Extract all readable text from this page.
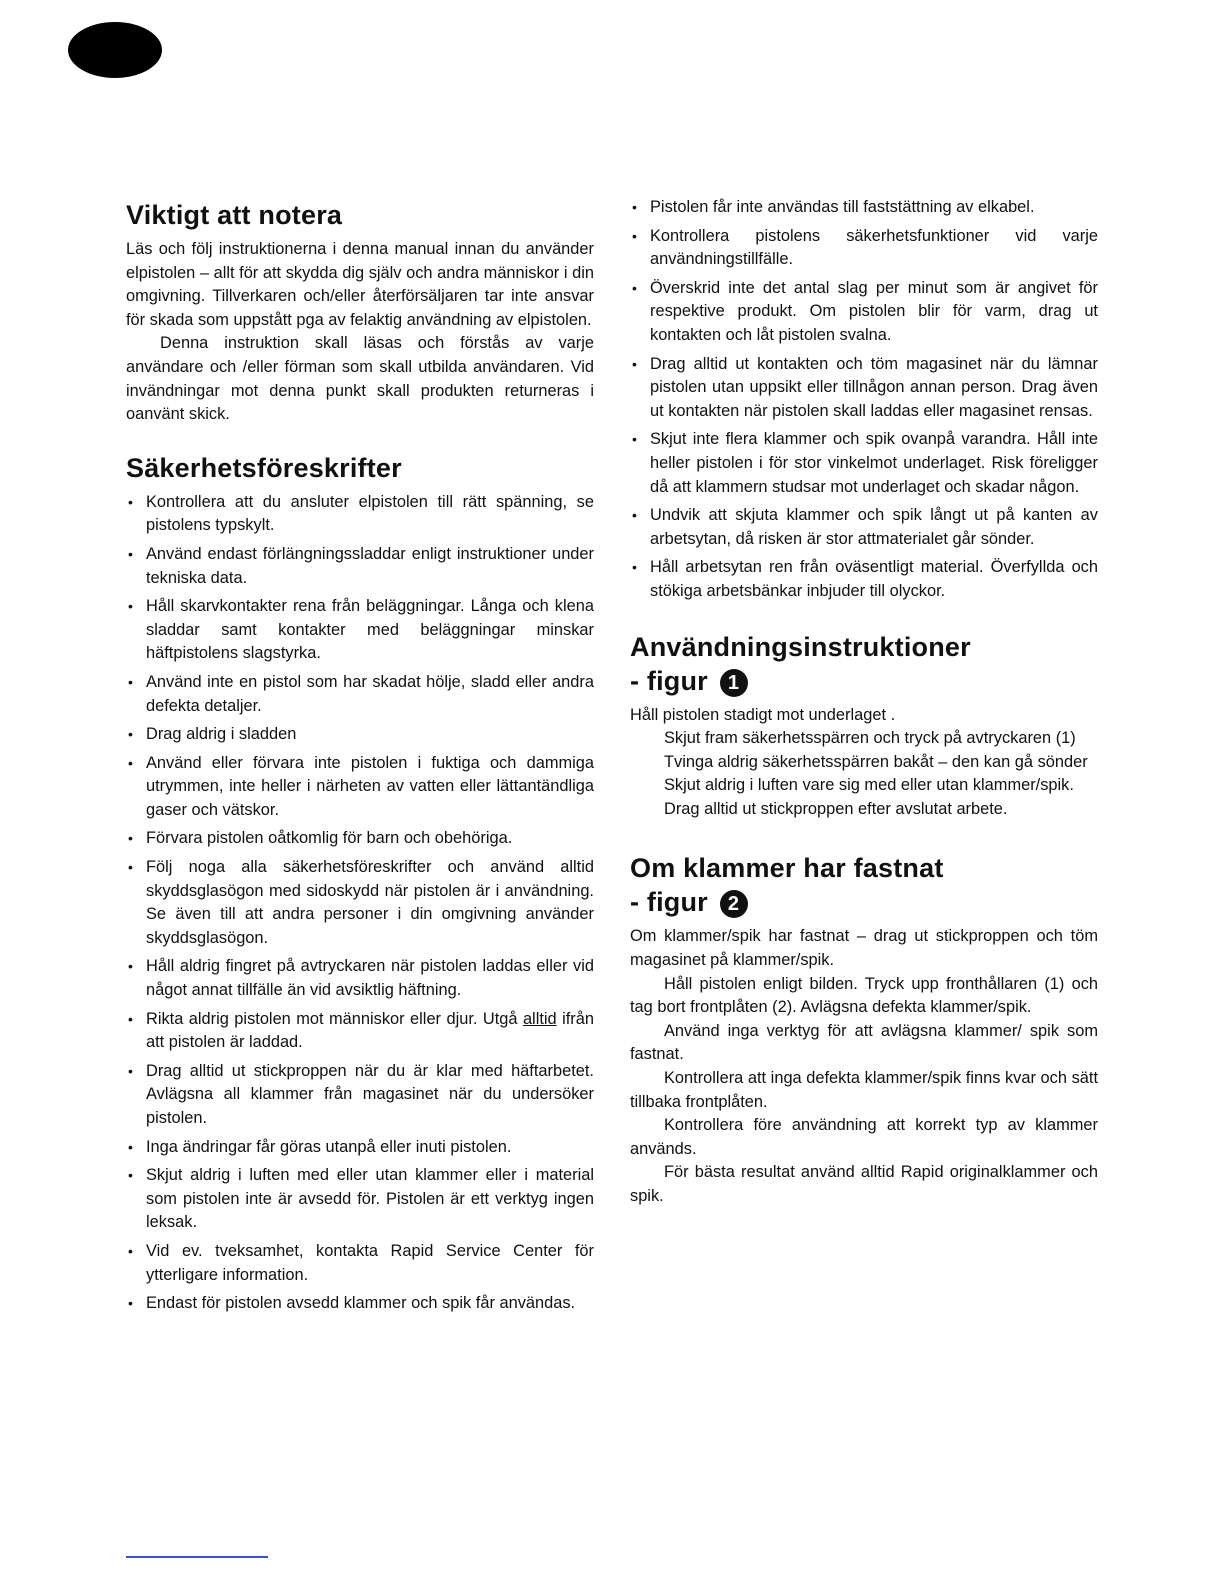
Viktigt att notera

Läs och följ instruktionerna i denna manual innan du använder elpistolen – allt för att skydda dig själv och andra människor i din omgivning. Tillverkaren och/eller återförsäljaren tar inte ansvar för skada som uppstått pga av felaktig användning av elpistolen.

Denna instruktion skall läsas och förstås av varje användare och /eller förman som skall utbilda användaren. Vid invändningar mot denna punkt skall produkten returneras i oanvänt skick.

Säkerhetsföreskrifter
• Kontrollera att du ansluter elpistolen till rätt spänning, se pistolens typskylt.
• Använd endast förlängningssladdar enligt instruktioner under tekniska data.
• Håll skarvkontakter rena från beläggningar. Långa och klena sladdar samt kontakter med beläggningar minskar häftpistolens slagstyrka.
• Använd inte en pistol som har skadat hölje, sladd eller andra defekta detaljer.
• Drag aldrig i sladden
• Använd eller förvara inte pistolen i fuktiga och dammiga utrymmen, inte heller i närheten av vatten eller lättantändliga gaser och vätskor.
• Förvara pistolen oåtkomlig för barn och obehöriga.
• Följ noga alla säkerhetsföreskrifter och använd alltid skyddsglasögon med sidoskydd när pistolen är i användning. Se även till att andra personer i din omgivning använder skyddsglasögon.
• Håll aldrig fingret på avtryckaren när pistolen laddas eller vid något annat tillfälle än vid avsiktlig häftning.
• Rikta aldrig pistolen mot människor eller djur. Utgå alltid ifrån att pistolen är laddad.
• Drag alltid ut stickproppen när du är klar med häftarbetet. Avlägsna all klammer från magasinet när du undersöker pistolen.
• Inga ändringar får göras utanpå eller inuti pistolen.
• Skjut aldrig i luften med eller utan klammer eller i material som pistolen inte är avsedd för. Pistolen är ett verktyg ingen leksak.
• Vid ev. tveksamhet, kontakta Rapid Service Center för ytterligare information.
• Endast för pistolen avsedd klammer och spik får användas.
• Pistolen får inte användas till faststättning av elkabel.
• Kontrollera pistolens säkerhetsfunktioner vid varje användningstillfälle.
• Överskrid inte det antal slag per minut som är angivet för respektive produkt. Om pistolen blir för varm, drag ut kontakten och låt pistolen svalna.
• Drag alltid ut kontakten och töm magasinet när du lämnar pistolen utan uppsikt eller tillnågon annan person. Drag även ut kontakten när pistolen skall laddas eller magasinet rensas.
• Skjut inte flera klammer och spik ovanpå varandra. Håll inte heller pistolen i för stor vinkelmot underlaget. Risk föreligger då att klammern studsar mot underlaget och skadar någon.
• Undvik att skjuta klammer och spik långt ut på kanten av arbetsytan, då risken är stor attmaterialet går sönder.
• Håll arbetsytan ren från oväsentligt material. Överfyllda och stökiga arbetsbänkar inbjuder till olyckor.
Användningsinstruktioner
- figur 1

Håll pistolen stadigt mot underlaget .

Skjut fram säkerhetsspärren och tryck på avtryckaren (1)

Tvinga aldrig säkerhetsspärren bakåt – den kan gå sönder

Skjut aldrig i luften vare sig med eller utan klammer/spik.

Drag alltid ut stickproppen efter avslutat arbete.

Om klammer har fastnat
- figur 2

Om klammer/spik har fastnat – drag ut stickproppen och töm magasinet på klammer/spik.

Håll pistolen enligt bilden. Tryck upp fronthållaren (1) och tag bort frontplåten (2). Avlägsna defekta klammer/spik.

Använd inga verktyg för att avlägsna klammer/ spik som fastnat.

Kontrollera att inga defekta klammer/spik finns kvar och sätt tillbaka frontplåten.

Kontrollera före användning att korrekt typ av klammer används.

För bästa resultat använd alltid Rapid originalklammer och spik.
